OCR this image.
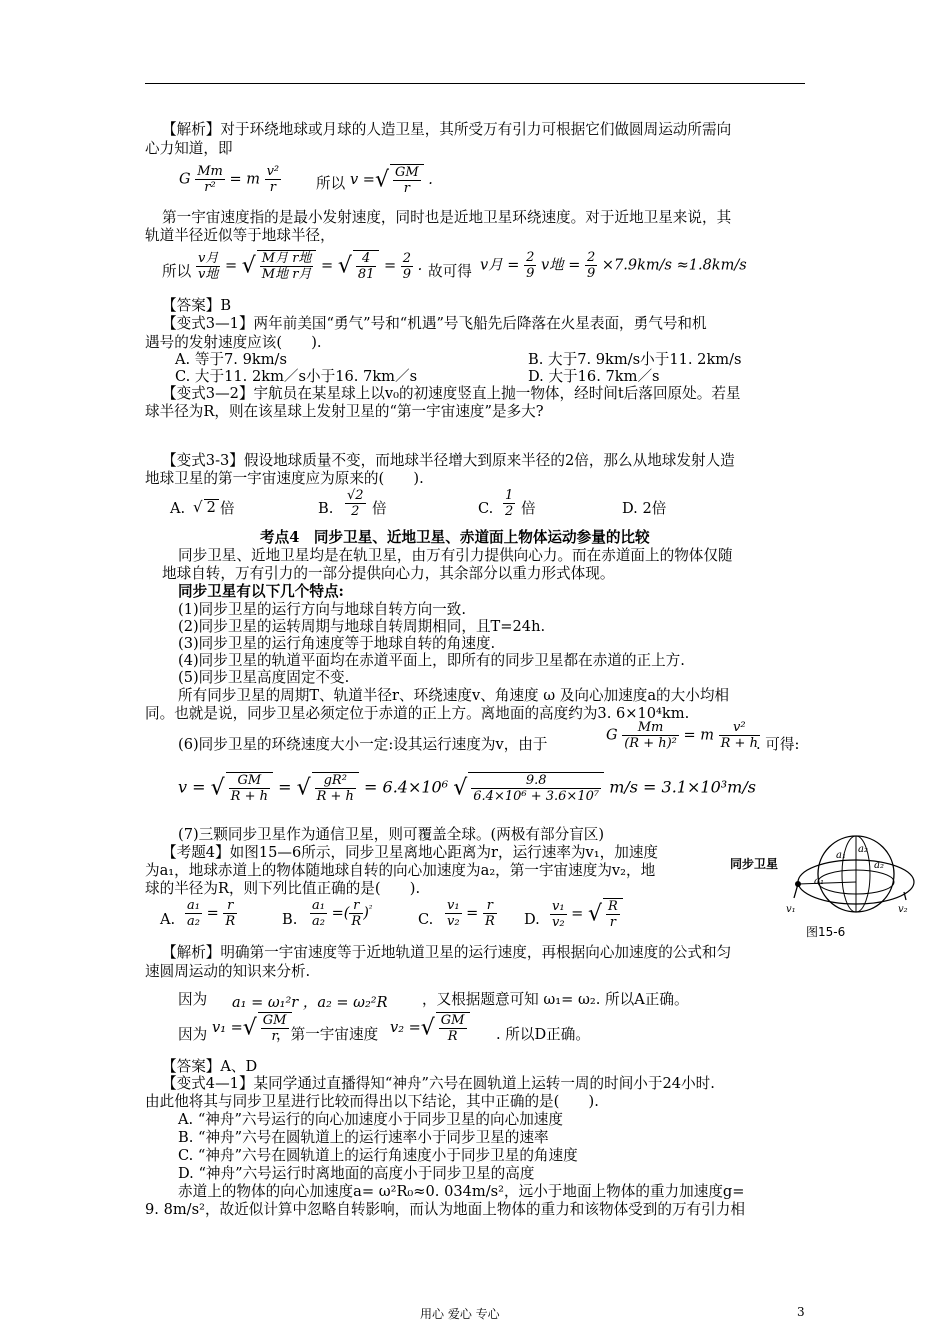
【解析】对于环绕地球或月球的人造卫星，其所受万有引力可根据它们做圆周运动所需向
心力知道，即
所以
第一宇宙速度指的是最小发射速度，同时也是近地卫星环绕速度。对于近地卫星来说，其
轨道半径近似等于地球半径，
所以	故可得
【答案】B
【变式3—1】两年前美国“勇气”号和“机遇”号飞船先后降落在火星表面，勇气号和机
遇号的发射速度应该(　　).
A. 等于7. 9km/s	B. 大于7. 9km/s小于11. 2km/s
C. 大于11. 2km／s小于16. 7km／s	D. 大于16. 7km／s
【变式3—2】宇航员在某星球上以v₀的初速度竖直上抛一物体，经时间t后落回原处。若星
球半径为R，则在该星球上发射卫星的“第一宇宙速度”是多大?
【变式3-3】假设地球质量不变，而地球半径增大到原来半径的2倍，那么从地球发射人造
地球卫星的第一宇宙速度应为原来的(　　).
A. 倍	B.	倍	C. 倍	D. 2倍
考点4　同步卫星、近地卫星、赤道面上物体运动参量的比较
同步卫星、近地卫星均是在轨卫星，由万有引力提供向心力。而在赤道面上的物体仅随
地球自转，万有引力的一部分提供向心力，其余部分以重力形式体现。
同步卫星有以下几个特点:
(1)同步卫星的运行方向与地球自转方向一致.
(2)同步卫星的运转周期与地球自转周期相同，且T=24h.
(3)同步卫星的运行角速度等于地球自转的角速度.
(4)同步卫星的轨道平面均在赤道平面上，即所有的同步卫星都在赤道的正上方.
(5)同步卫星高度固定不变.
所有同步卫星的周期T、轨道半径r、环绕速度v、角速度 ω 及向心加速度a的大小均相
同。也就是说，同步卫星必须定位于赤道的正上方。离地面的高度约为3. 6×10⁴km.
(6)同步卫星的环绕速度大小一定:设其运行速度为v，由于	. 可得:
(7)三颗同步卫星作为通信卫星，则可覆盖全球。(两极有部分盲区)
【考题4】如图15—6所示，同步卫星离地心距离为r，运行速率为v₁，加速度
为a₁，地球赤道上的物体随地球自转的向心加速度为a₂，第一宇宙速度为v₂，地
球的半径为R，则下列比值正确的是(　　).
A.	B.	C.	D.
【解析】明确第一宇宙速度等于近地轨道卫星的运行速度，再根据向心加速度的公式和匀
速圆周运动的知识来分析.
因为	，又根据题意可知 ω₁= ω₂. 所以A正确。
因为	，第一宇宙速度	. 所以D正确。
【答案】A、D
【变式4—1】某同学通过直播得知“神舟”六号在圆轨道上运转一周的时间小于24小时.
由此他将其与同步卫星进行比较而得出以下结论，其中正确的是(　　).
A. “神舟”六号运行的向心加速度小于同步卫星的向心加速度
B. “神舟”六号在圆轨道上的运行速率小于同步卫星的速率
C. “神舟”六号在圆轨道上的运行角速度小于同步卫星的角速度
D. “神舟”六号运行时离地面的高度小于同步卫星的高度
赤道上的物体的向心加速度a= ω²R₀≈0. 034m/s²，远小于地面上物体的重力加速度g=
9. 8m/s²，故近似计算中忽略自转影响，而认为地面上物体的重力和该物体受到的万有引力相
G $\frac{Mm}{\text{r²}} = m \frac{\text{v²}}{r}$	v =√ $\frac{GM}{r}$ .
v月
v地 = √ M月 r地
M地 r月
= √ $\frac{4}{81} = \frac{2}{9}$ .	v月 = $\frac{2}{9}$ v地 = $\frac{2}{9} \times 7.9km/s \approx 1.8km/s$
√ 2	$\frac{√2}{2}$	$\frac{1}{2}$
G $\frac{Mm}{\text{(R + h)²}} = m \frac{\text{v²}}{R + h}$
v = √ $\frac{GM}{R + h}$ = √ $\frac{\text{gR²}}{R + h} = 6.4\times 10^6$ √ $\frac{9.8}{\text{6.4×10⁶ + 3.6×10⁷}} m/s = 3.1\times 10^3m/s$
$\frac{\text{a₁}}{\text{a₂}} = \frac{r}{R}$	$\frac{\text{a₁}}{\text{a₂}}$ =( $\frac{r}{R} )^{^2}$	$\frac{\text{v₁}}{\text{v₂}} = \frac{r}{R}$	$\frac{\text{v₁}}{\text{v₂}}$ = √ $\frac{R}{r}$
a₁ = ω₁²r ，a₂ = ω₂²R
v₁ =√ $\frac{GM}{r}$	v₂ =√ $\frac{GM}{R}$
同步卫星
a₁
a₂
a₁
a₂
v₁	v₂
图15-6
用心 爱心 专心	3
